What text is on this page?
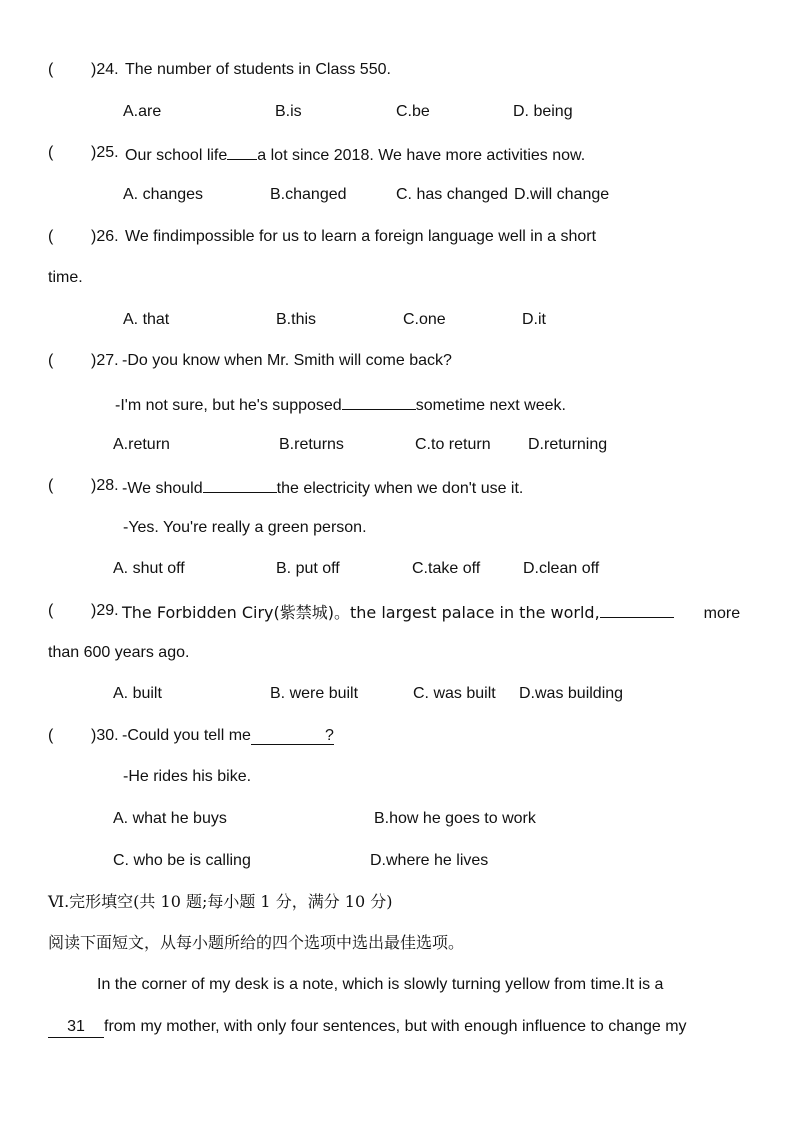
( )24. The number of students in Class 550.
A.are	B.is	C.be	D. being
( )25. Our school life a lot since 2018. We have more activities now.
A. changes	B.changed	C. has changed D.will change
( )26. We findimpossible for us to learn a foreign language well in a short
time.
A. that	B.this	C.one	D.it
( )27. -Do you know when Mr. Smith will come back?
-I'm not sure, but he's supposed	sometime next week.
A.return	B.returns	C.to return D.returning
( )28. -We should	the electricity when we don't use it.
-Yes. You're really a green person.
A. shut off	B. put off	C.take off	D.clean off
( )29. The Forbidden Ciry(紫禁城)。the largest palace in the world,	more
than 600 years ago.
A. built	B. were built	C. was built D.was building
( )30. -Could you tell me	?
-He rides his bike.
A. what he buys	B.how he goes to work
C. who be is calling	D.where he lives
Ⅵ.完形填空(共 10 题;每小题 1 分，满分 10 分)
阅读下面短文，从每小题所给的四个选项中选出最佳选项。
In the corner of my desk is a note, which is slowly turning yellow from time.It is a
31 from my mother, with only four sentences, but with enough influence to change my
